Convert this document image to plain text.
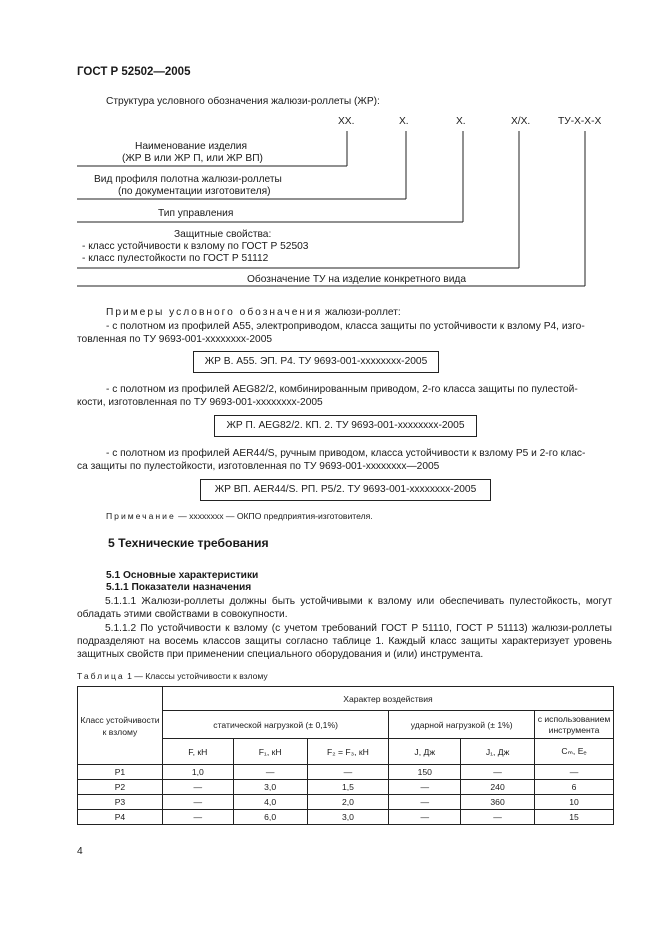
ГОСТ Р 52502—2005
Структура условного обозначения жалюзи-роллеты (ЖР):
XX.	X.	X.	X/X.	ТУ-X-X-X
Наименование изделия
(ЖР В или ЖР П, или ЖР ВП)
Вид профиля полотна жалюзи-роллеты
(по документации изготовителя)
Тип управления
Защитные свойства:
- класс устойчивости к взлому по ГОСТ Р 52503
- класс пулестойкости по ГОСТ Р 51112
Обозначение ТУ на изделие конкретного вида
Примеры условного обозначения жалюзи-роллет:
- с полотном из профилей А55, электроприводом, класса защиты по устойчивости к взлому Р4, изго-
товленная по ТУ 9693-001-xxxxxxxx-2005
ЖР В. А55. ЭП. Р4. ТУ 9693-001-xxxxxxxx-2005
- с полотном из профилей AEG82/2, комбинированным приводом, 2-го класса защиты по пулестой-
кости, изготовленная по ТУ 9693-001-xxxxxxxx-2005
ЖР П. AEG82/2. КП. 2. ТУ 9693-001-xxxxxxxx-2005
- с полотном из профилей AER44/S, ручным приводом, класса устойчивости к взлому Р5 и 2-го клас-
са защиты по пулестойкости, изготовленная по ТУ 9693-001-xxxxxxxx—2005
ЖР ВП. AER44/S. РП. Р5/2. ТУ 9693-001-xxxxxxxx-2005
Примечание — xxxxxxxx — ОКПО предприятия-изготовителя.
5 Технические требования
5.1 Основные характеристики
5.1.1 Показатели назначения
5.1.1.1 Жалюзи-роллеты должны быть устойчивыми к взлому или обеспечивать пулестойкость, могут обладать этими свойствами в совокупности.
5.1.1.2 По устойчивости к взлому (с учетом требований ГОСТ Р 51110, ГОСТ Р 51113) жалюзи-роллеты подразделяют на восемь классов защиты согласно таблице 1. Каждый класс защиты характеризует уровень защитных свойств при применении специального оборудования и (или) инструмента.
Таблица 1 — Классы устойчивости к взлому
Класс устойчивости к взлому	Характер воздействия					
	статической нагрузкой (± 0,1%)			ударной нагрузкой (± 1%)		с использованием инструмента
	F, кН	F₁, кН	F₂ = F₃, кН	J, Дж	J₁, Дж	Cₘ, Eₑ
Р1	1,0	—	—	150	—	—
Р2	—	3,0	1,5	—	240	6
Р3	—	4,0	2,0	—	360	10
Р4	—	6,0	3,0	—	—	15
4
